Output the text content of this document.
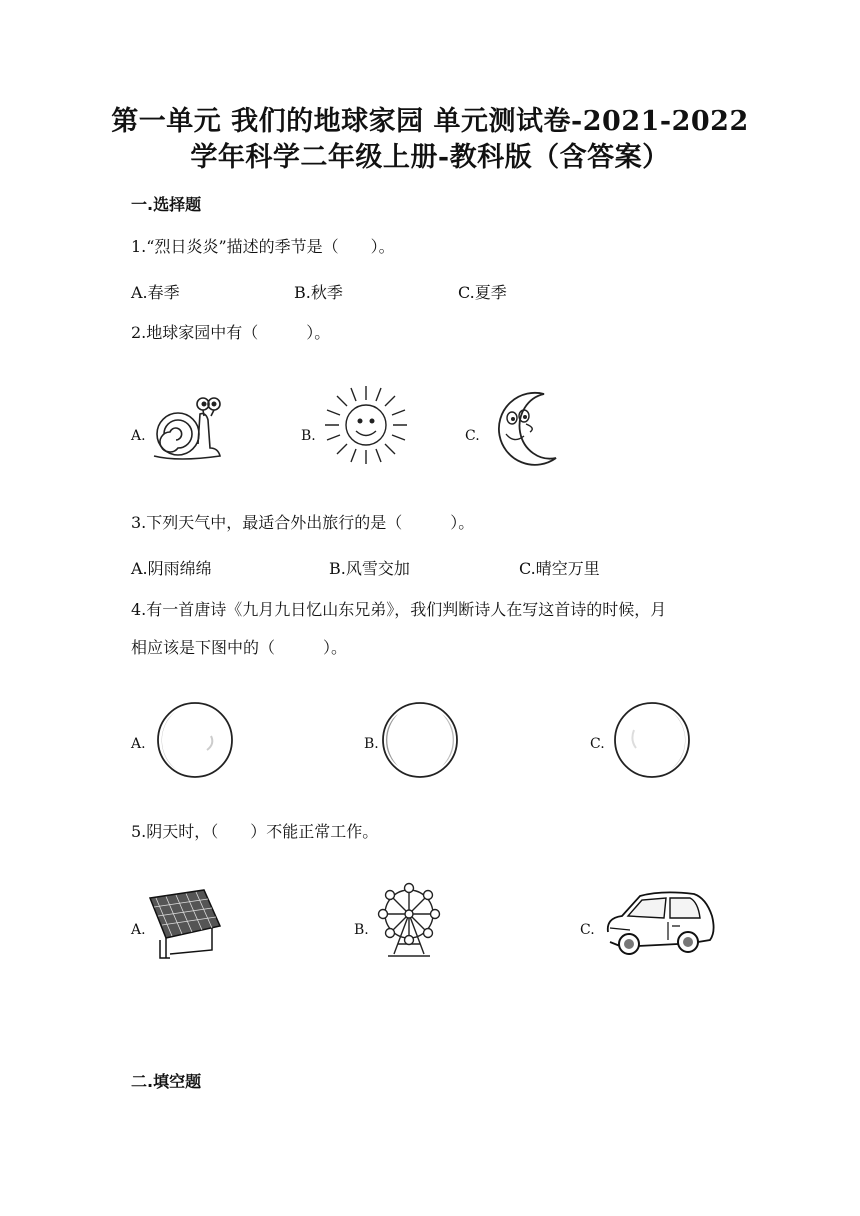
第一单元 我们的地球家园 单元测试卷-2021-2022
学年科学二年级上册-教科版（含答案）
一.选择题
1.“烈日炎炎”描述的季节是（　　）。
A.春季	B.秋季	C.夏季
2.地球家园中有（　　　）。
A.	B.	C.
3.下列天气中，最适合外出旅行的是（　　　）。
A.阴雨绵绵	B.风雪交加	C.晴空万里
4.有一首唐诗《九月九日忆山东兄弟》，我们判断诗人在写这首诗的时候，月
相应该是下图中的（　　　）。
A.	B.	C.
5.阴天时，（　　）不能正常工作。
A.	B.	C.
二.填空题
